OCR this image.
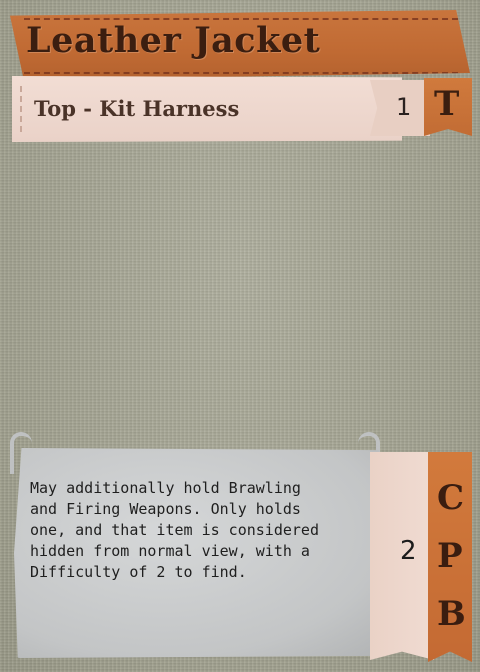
Leather Jacket
Top - Kit Harness	1 T
May additionally hold Brawling
and Firing Weapons. Only holds
one, and that item is considered
hidden from normal view, with a
Difficulty of 2 to find.
2
C
P
B
